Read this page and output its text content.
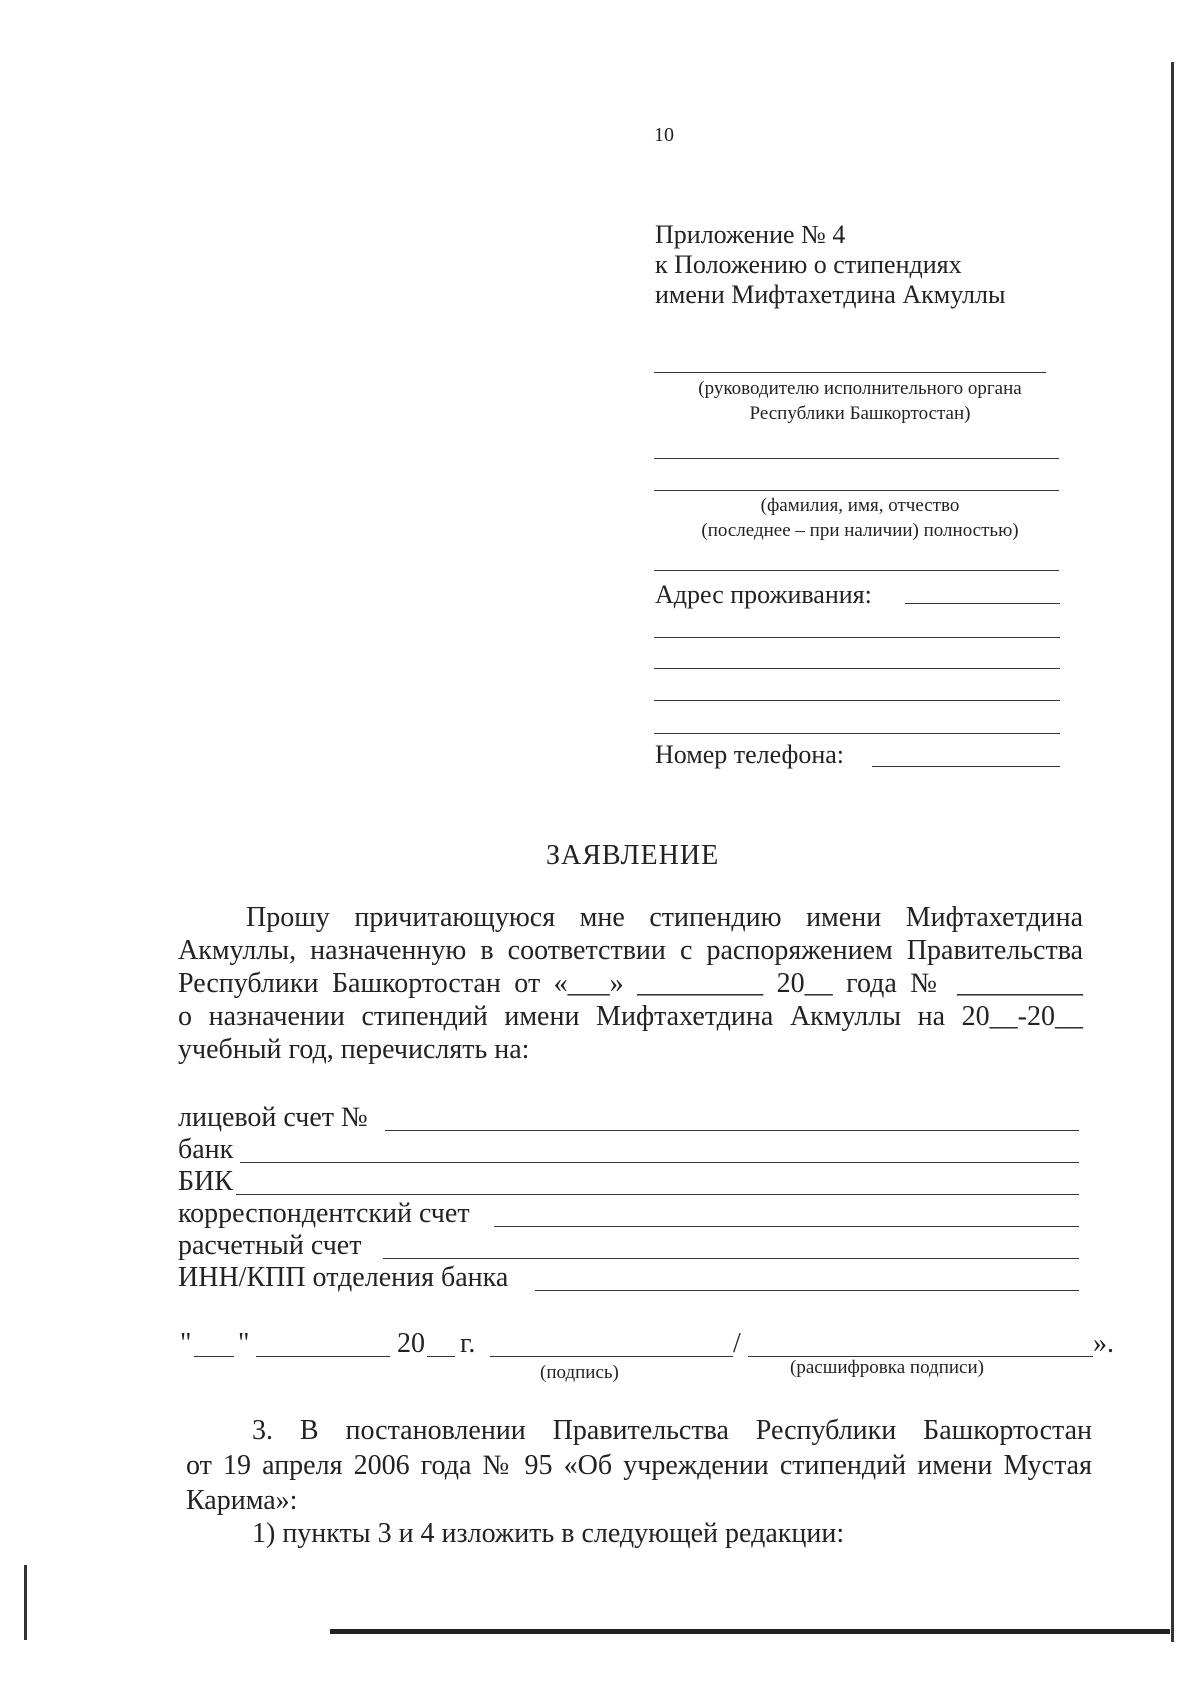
10
Приложение № 4
к Положению о стипендиях
имени Мифтахетдина Акмуллы
(руководителю исполнительного органа
Республики Башкортостан)
(фамилия, имя, отчество
(последнее – при наличии) полностью)
Адрес проживания:
Номер телефона:
ЗАЯВЛЕНИЕ
Прошу причитающуюся мне стипендию имени Мифтахетдина
Акмуллы, назначенную в соответствии с распоряжением Правительства
Республики Башкортостан от «___» _________ 20__ года № _________
о назначении стипендий имени Мифтахетдина Акмуллы на 20__-20__
учебный год, перечислять на:
лицевой счет №
банк
БИК
корреспондентский счет
расчетный счет
ИНН/КПП отделения банка
" "	20 г.	/	».
(подпись)	(расшифровка подписи)
3. В постановлении Правительства Республики Башкортостан
от 19 апреля 2006 года № 95 «Об учреждении стипендий имени Мустая
Карима»:
1) пункты 3 и 4 изложить в следующей редакции:
